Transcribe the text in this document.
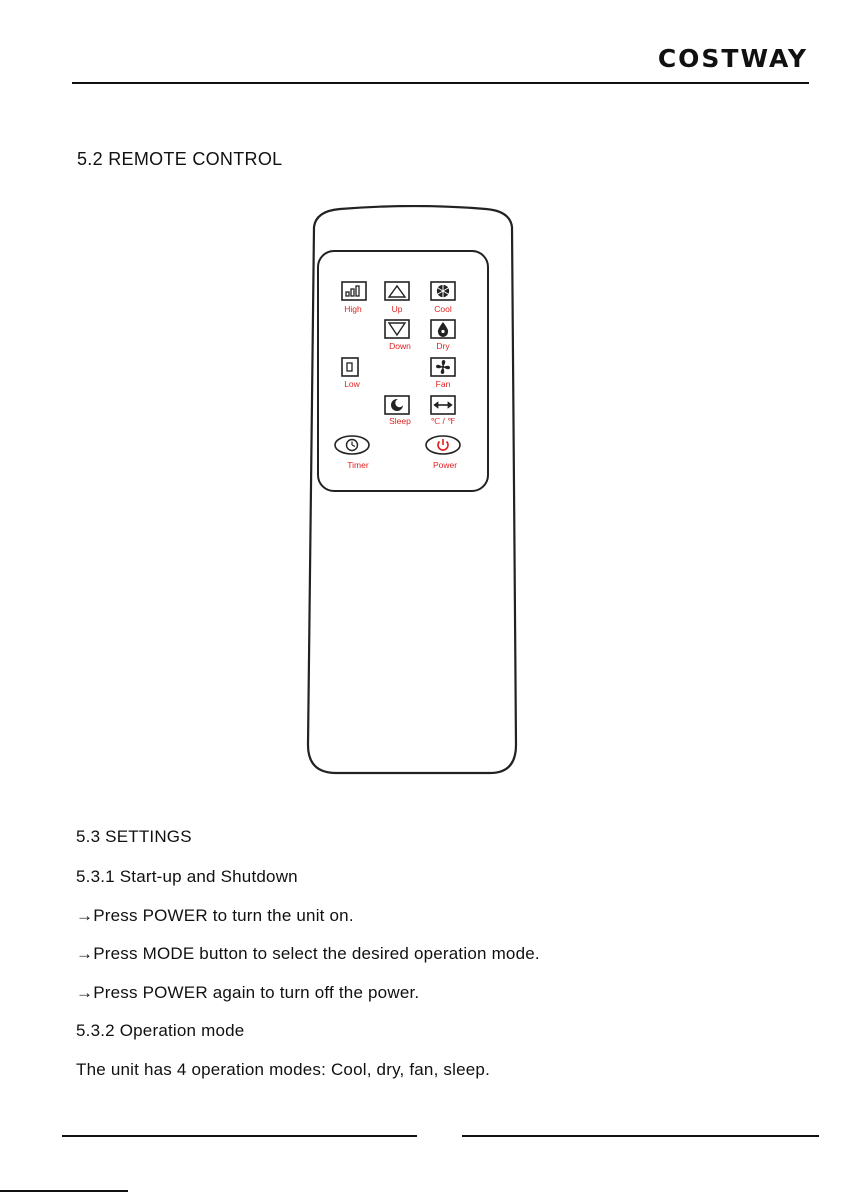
COSTWAY
5.2 REMOTE CONTROL
High	Up	Cool
Down	Dry
Low	Fan
Sleep ℃ / ℉
Timer	Power
5.3 SETTINGS
5.3.1 Start-up and Shutdown
→Press POWER to turn the unit on.
→Press MODE button to select the desired operation mode.
→Press POWER again to turn off the power.
5.3.2 Operation mode
The unit has 4 operation modes: Cool, dry, fan, sleep.
